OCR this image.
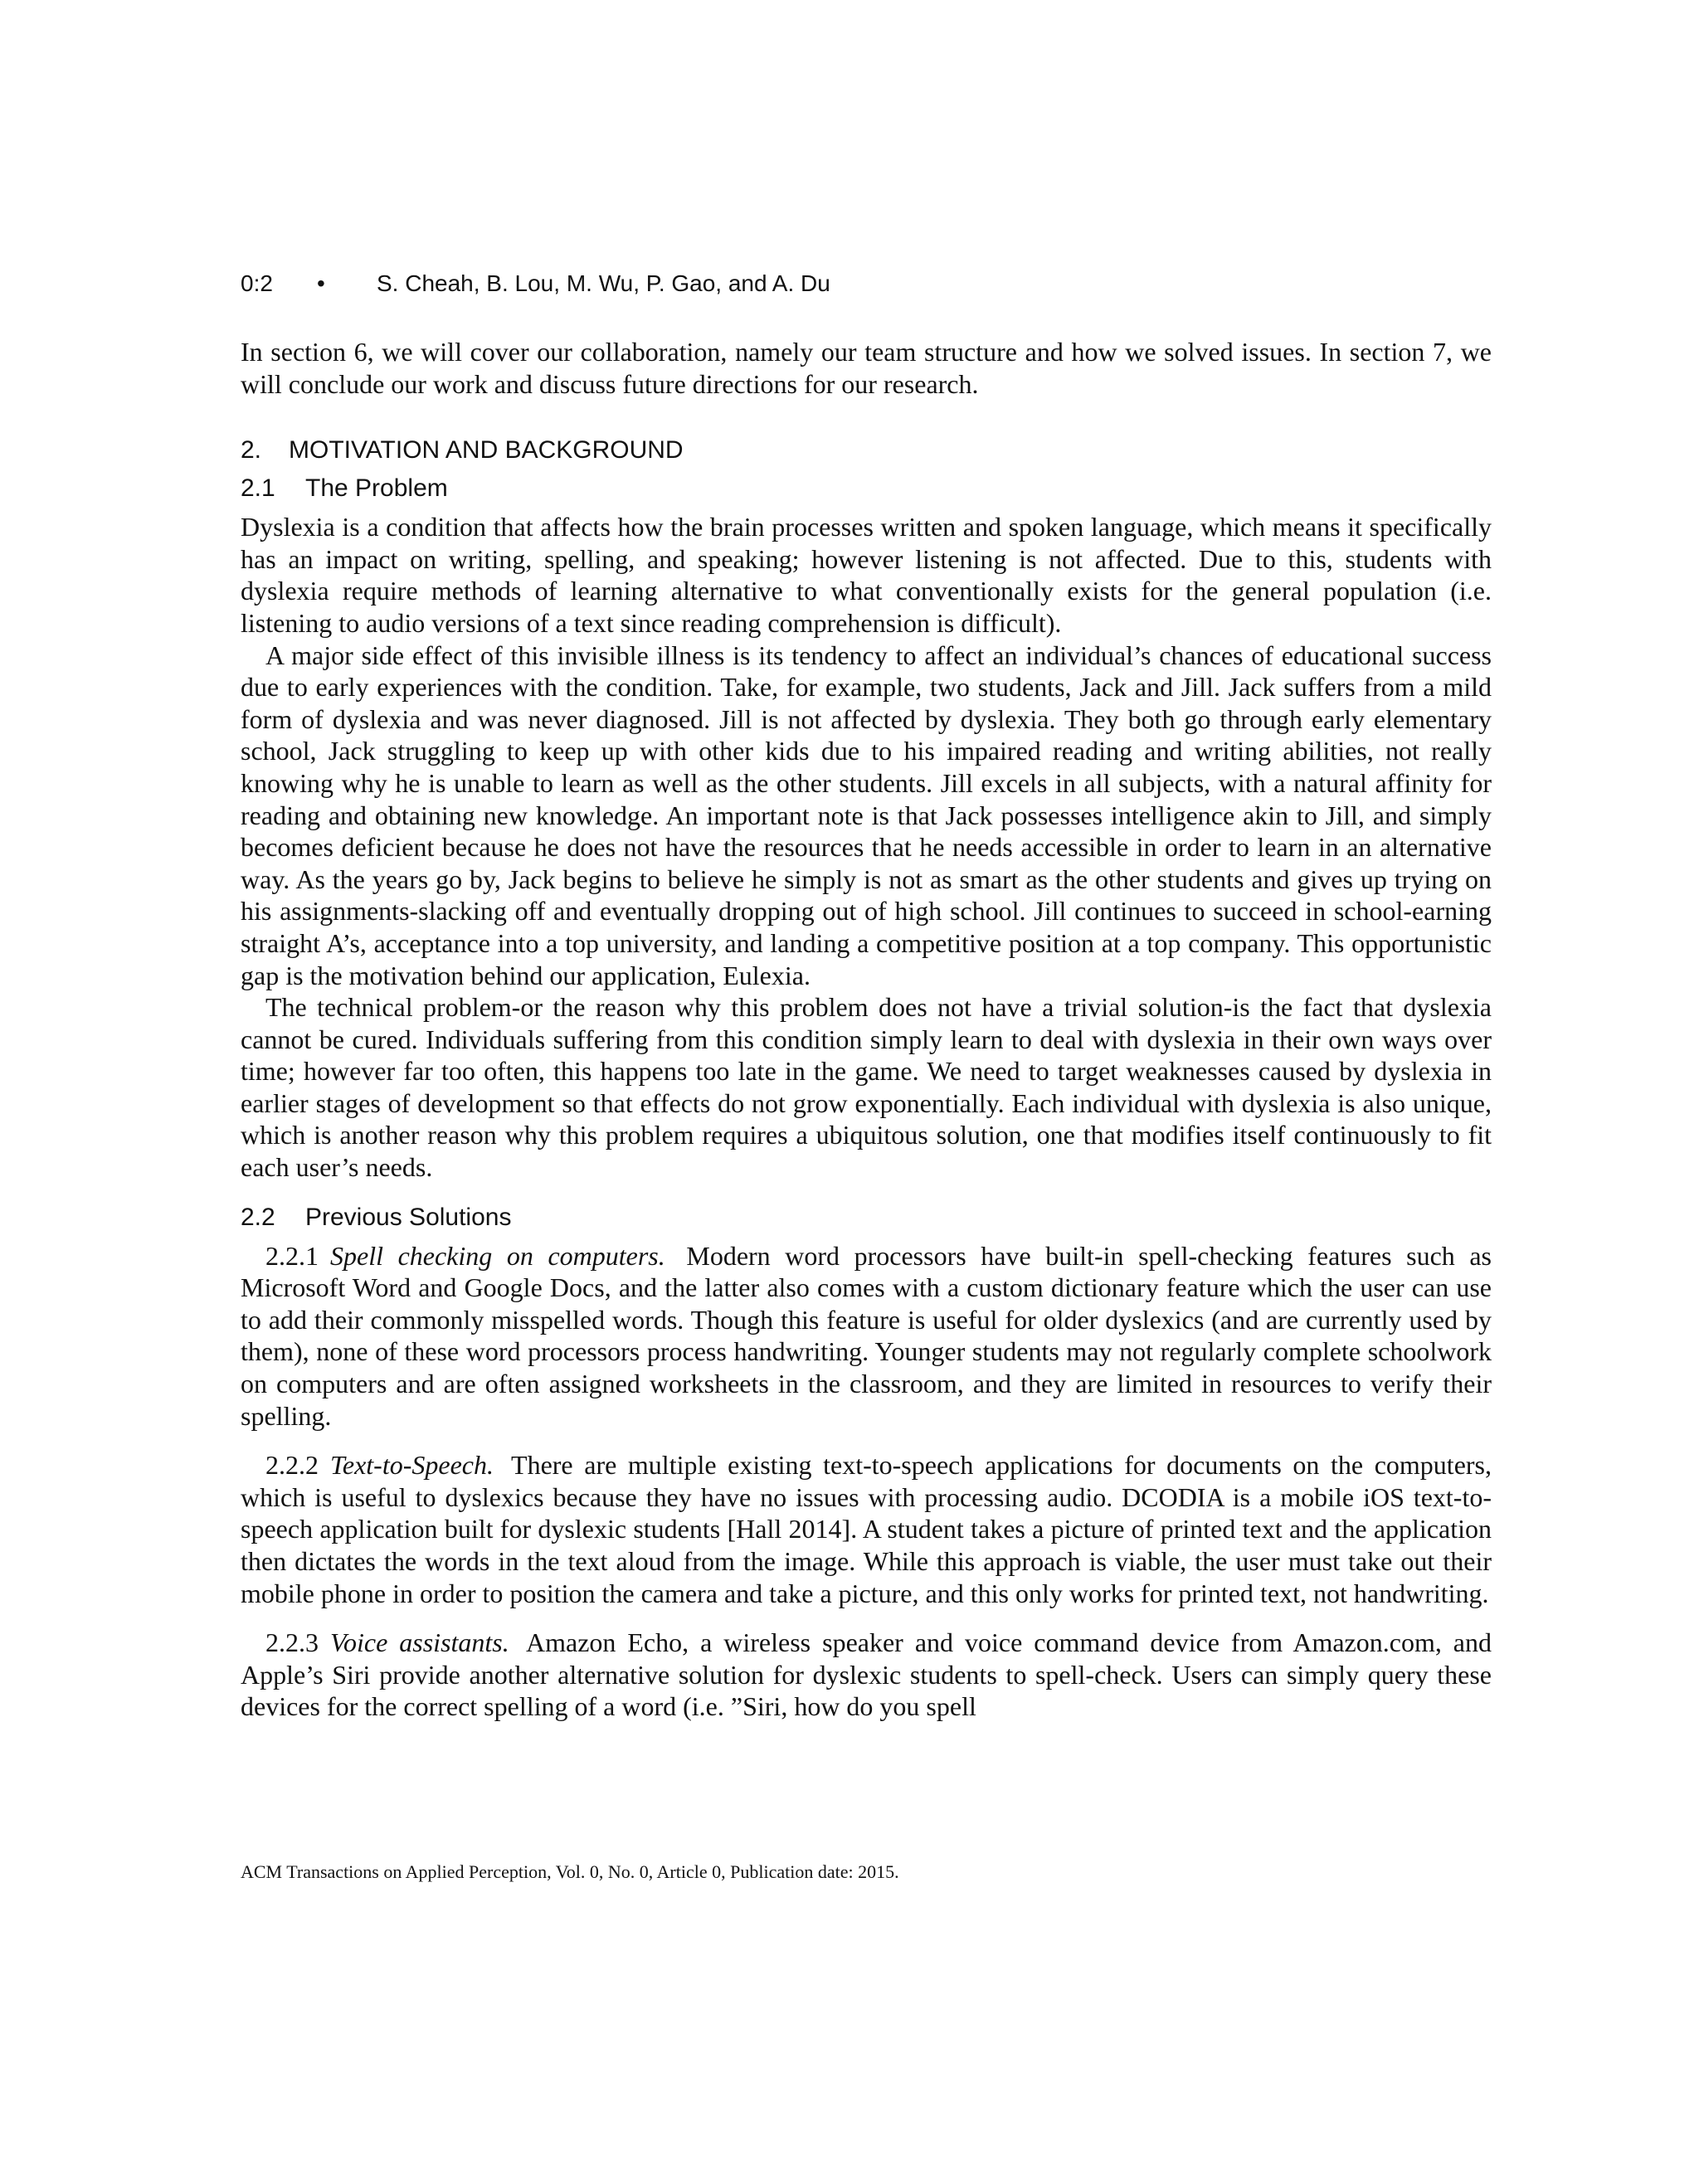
0:2	•	S. Cheah, B. Lou, M. Wu, P. Gao, and A. Du

In section 6, we will cover our collaboration, namely our team structure and how we solved issues. In section 7, we will conclude our work and discuss future directions for our research.

2.	MOTIVATION AND BACKGROUND
2.1	The Problem

Dyslexia is a condition that affects how the brain processes written and spoken language, which means it specifically has an impact on writing, spelling, and speaking; however listening is not affected. Due to this, students with dyslexia require methods of learning alternative to what conventionally exists for the general population (i.e. listening to audio versions of a text since reading comprehension is difficult).

A major side effect of this invisible illness is its tendency to affect an individual’s chances of educational success due to early experiences with the condition. Take, for example, two students, Jack and Jill. Jack suffers from a mild form of dyslexia and was never diagnosed. Jill is not affected by dyslexia. They both go through early elementary school, Jack struggling to keep up with other kids due to his impaired reading and writing abilities, not really knowing why he is unable to learn as well as the other students. Jill excels in all subjects, with a natural affinity for reading and obtaining new knowledge. An important note is that Jack possesses intelligence akin to Jill, and simply becomes deficient because he does not have the resources that he needs accessible in order to learn in an alternative way. As the years go by, Jack begins to believe he simply is not as smart as the other students and gives up trying on his assignments-slacking off and eventually dropping out of high school. Jill continues to succeed in school-earning straight A’s, acceptance into a top university, and landing a competitive position at a top company. This opportunistic gap is the motivation behind our application, Eulexia.

The technical problem-or the reason why this problem does not have a trivial solution-is the fact that dyslexia cannot be cured. Individuals suffering from this condition simply learn to deal with dyslexia in their own ways over time; however far too often, this happens too late in the game. We need to target weaknesses caused by dyslexia in earlier stages of development so that effects do not grow exponentially. Each individual with dyslexia is also unique, which is another reason why this problem requires a ubiquitous solution, one that modifies itself continuously to fit each user’s needs.

2.2	Previous Solutions

2.2.1 Spell checking on computers. Modern word processors have built-in spell-checking features such as Microsoft Word and Google Docs, and the latter also comes with a custom dictionary feature which the user can use to add their commonly misspelled words. Though this feature is useful for older dyslexics (and are currently used by them), none of these word processors process handwriting. Younger students may not regularly complete schoolwork on computers and are often assigned worksheets in the classroom, and they are limited in resources to verify their spelling.

2.2.2 Text-to-Speech. There are multiple existing text-to-speech applications for documents on the computers, which is useful to dyslexics because they have no issues with processing audio. DCODIA is a mobile iOS text-to-speech application built for dyslexic students [Hall 2014]. A student takes a picture of printed text and the application then dictates the words in the text aloud from the image. While this approach is viable, the user must take out their mobile phone in order to position the camera and take a picture, and this only works for printed text, not handwriting.

2.2.3 Voice assistants. Amazon Echo, a wireless speaker and voice command device from Amazon.com, and Apple’s Siri provide another alternative solution for dyslexic students to spell-check. Users can simply query these devices for the correct spelling of a word (i.e. ”Siri, how do you spell

ACM Transactions on Applied Perception, Vol. 0, No. 0, Article 0, Publication date: 2015.
